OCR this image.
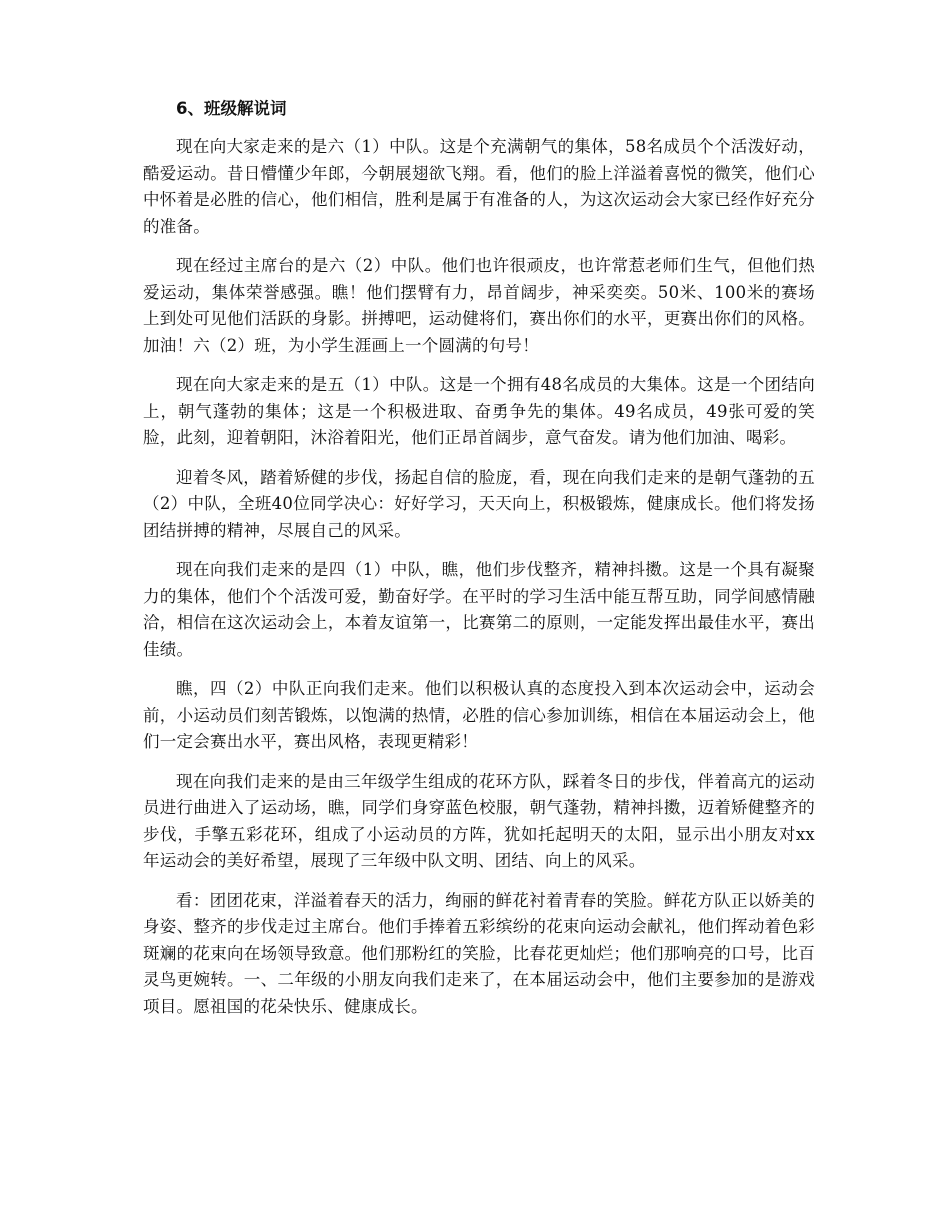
6、班级解说词

现在向大家走来的是六（1）中队。这是个充满朝气的集体，58名成员个个活泼好动，酷爱运动。昔日懵懂少年郎，今朝展翅欲飞翔。看，他们的脸上洋溢着喜悦的微笑，他们心中怀着是必胜的信心，他们相信，胜利是属于有准备的人，为这次运动会大家已经作好充分的准备。

现在经过主席台的是六（2）中队。他们也许很顽皮，也许常惹老师们生气，但他们热爱运动，集体荣誉感强。瞧！他们摆臂有力，昂首阔步，神采奕奕。50米、100米的赛场上到处可见他们活跃的身影。拼搏吧，运动健将们，赛出你们的水平，更赛出你们的风格。加油！六（2）班，为小学生涯画上一个圆满的句号！

现在向大家走来的是五（1）中队。这是一个拥有48名成员的大集体。这是一个团结向上，朝气蓬勃的集体；这是一个积极进取、奋勇争先的集体。49名成员，49张可爱的笑脸，此刻，迎着朝阳，沐浴着阳光，他们正昂首阔步，意气奋发。请为他们加油、喝彩。

迎着冬风，踏着矫健的步伐，扬起自信的脸庞，看，现在向我们走来的是朝气蓬勃的五（2）中队，全班40位同学决心：好好学习，天天向上，积极锻炼，健康成长。他们将发扬团结拼搏的精神，尽展自己的风采。

现在向我们走来的是四（1）中队，瞧，他们步伐整齐，精神抖擞。这是一个具有凝聚力的集体，他们个个活泼可爱，勤奋好学。在平时的学习生活中能互帮互助，同学间感情融洽，相信在这次运动会上，本着友谊第一，比赛第二的原则，一定能发挥出最佳水平，赛出佳绩。

瞧，四（2）中队正向我们走来。他们以积极认真的态度投入到本次运动会中，运动会前，小运动员们刻苦锻炼，以饱满的热情，必胜的信心参加训练，相信在本届运动会上，他们一定会赛出水平，赛出风格，表现更精彩！

现在向我们走来的是由三年级学生组成的花环方队，踩着冬日的步伐，伴着高亢的运动员进行曲进入了运动场，瞧，同学们身穿蓝色校服，朝气蓬勃，精神抖擞，迈着矫健整齐的步伐，手擎五彩花环，组成了小运动员的方阵，犹如托起明天的太阳，显示出小朋友对xx年运动会的美好希望，展现了三年级中队文明、团结、向上的风采。

看：团团花束，洋溢着春天的活力，绚丽的鲜花衬着青春的笑脸。鲜花方队正以娇美的身姿、整齐的步伐走过主席台。他们手捧着五彩缤纷的花束向运动会献礼，他们挥动着色彩斑斓的花束向在场领导致意。他们那粉红的笑脸，比春花更灿烂；他们那响亮的口号，比百灵鸟更婉转。一、二年级的小朋友向我们走来了，在本届运动会中，他们主要参加的是游戏项目。愿祖国的花朵快乐、健康成长。
